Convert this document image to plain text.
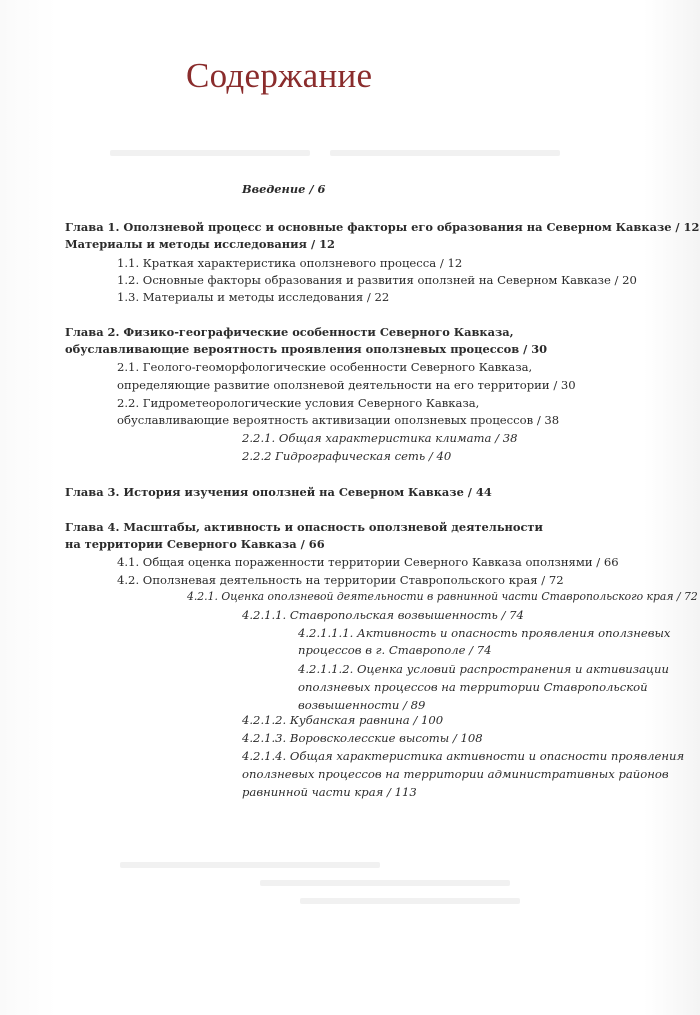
Содержание
Введение / 6
Глава 1. Оползневой процесс и основные факторы его образования на Северном Кавказе / 12
Материалы и методы исследования / 12
1.1. Краткая характеристика оползневого процесса / 12
1.2. Основные факторы образования и развития оползней на Северном Кавказе / 20
1.3. Материалы и методы исследования / 22
Глава 2. Физико-географические особенности Северного Кавказа,
обуславливающие вероятность проявления оползневых процессов / 30
2.1. Геолого-геоморфологические особенности Северного Кавказа,
определяющие развитие оползневой деятельности на его территории / 30
2.2. Гидрометеорологические условия Северного Кавказа,
обуславливающие вероятность активизации оползневых процессов / 38
2.2.1. Общая характеристика климата / 38
2.2.2 Гидрографическая сеть / 40
Глава 3. История изучения оползней на Северном Кавказе / 44
Глава 4. Масштабы, активность и опасность оползневой деятельности
на территории Северного Кавказа / 66
4.1. Общая оценка пораженности территории Северного Кавказа оползнями / 66
4.2. Оползневая деятельность на территории Ставропольского края / 72
4.2.1. Оценка оползневой деятельности в равнинной части Ставропольского края / 72
4.2.1.1. Ставропольская возвышенность / 74
4.2.1.1.1. Активность и опасность проявления оползневых
процессов в г. Ставрополе / 74
4.2.1.1.2. Оценка условий распространения и активизации
оползневых процессов на территории Ставропольской
возвышенности / 89
4.2.1.2. Кубанская равнина / 100
4.2.1.3. Воровсколесские высоты / 108
4.2.1.4. Общая характеристика активности и опасности проявления
оползневых процессов на территории административных районов
равнинной части края / 113
